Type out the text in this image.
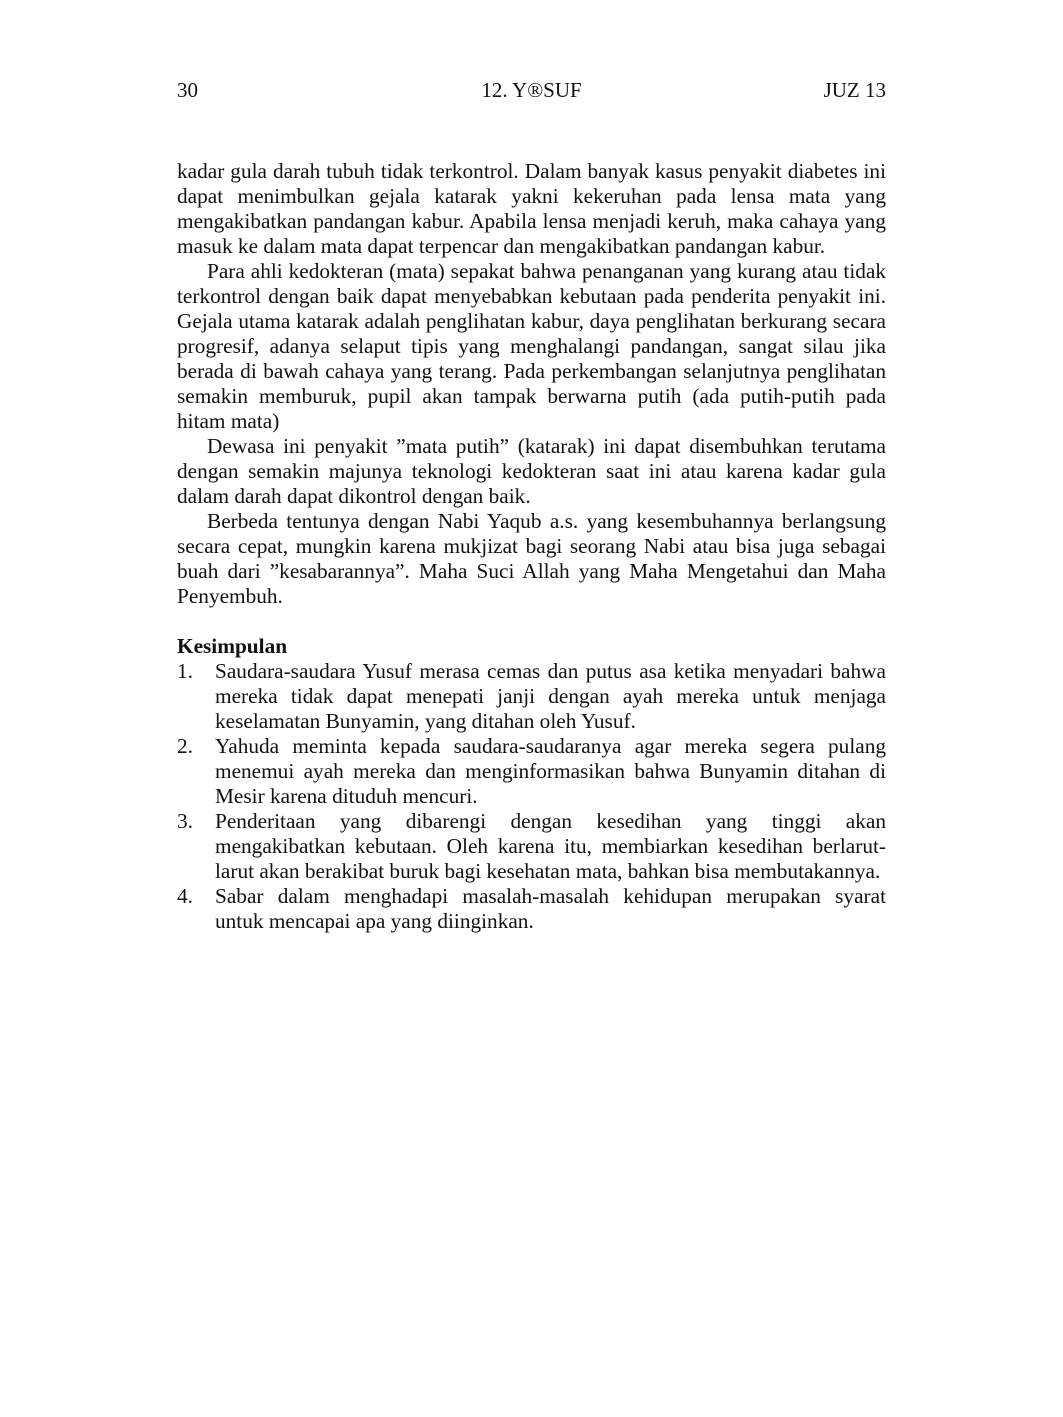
30	12. Y®SUF	JUZ 13

kadar gula darah tubuh tidak terkontrol. Dalam banyak kasus penyakit diabetes ini dapat menimbulkan gejala katarak yakni kekeruhan pada lensa mata yang mengakibatkan pandangan kabur. Apabila lensa menjadi keruh, maka cahaya yang masuk ke dalam mata dapat terpencar dan mengakibatkan pandangan kabur.

Para ahli kedokteran (mata) sepakat bahwa penanganan yang kurang atau tidak terkontrol dengan baik dapat menyebabkan kebutaan pada penderita penyakit ini. Gejala utama katarak adalah penglihatan kabur, daya penglihatan berkurang secara progresif, adanya selaput tipis yang menghalangi pandangan, sangat silau jika berada di bawah cahaya yang terang. Pada perkembangan selanjutnya penglihatan semakin memburuk, pupil akan tampak berwarna putih (ada putih-putih pada hitam mata)

Dewasa ini penyakit ”mata putih” (katarak) ini dapat disembuhkan terutama dengan semakin majunya teknologi kedokteran saat ini atau karena kadar gula dalam darah dapat dikontrol dengan baik.

Berbeda tentunya dengan Nabi Yaqub a.s. yang kesembuhannya berlangsung secara cepat, mungkin karena mukjizat bagi seorang Nabi atau bisa juga sebagai buah dari ”kesabarannya”. Maha Suci Allah yang Maha Mengetahui dan Maha Penyembuh.

Kesimpulan
1. Saudara-saudara Yusuf merasa cemas dan putus asa ketika menyadari bahwa mereka tidak dapat menepati janji dengan ayah mereka untuk menjaga keselamatan Bunyamin, yang ditahan oleh Yusuf.
2. Yahuda meminta kepada saudara-saudaranya agar mereka segera pulang menemui ayah mereka dan menginformasikan bahwa Bunyamin ditahan di Mesir karena dituduh mencuri.
3. Penderitaan yang dibarengi dengan kesedihan yang tinggi akan mengakibatkan kebutaan. Oleh karena itu, membiarkan kesedihan berlarut-larut akan berakibat buruk bagi kesehatan mata, bahkan bisa membutakannya.
4. Sabar dalam menghadapi masalah-masalah kehidupan merupakan syarat untuk mencapai apa yang diinginkan.
